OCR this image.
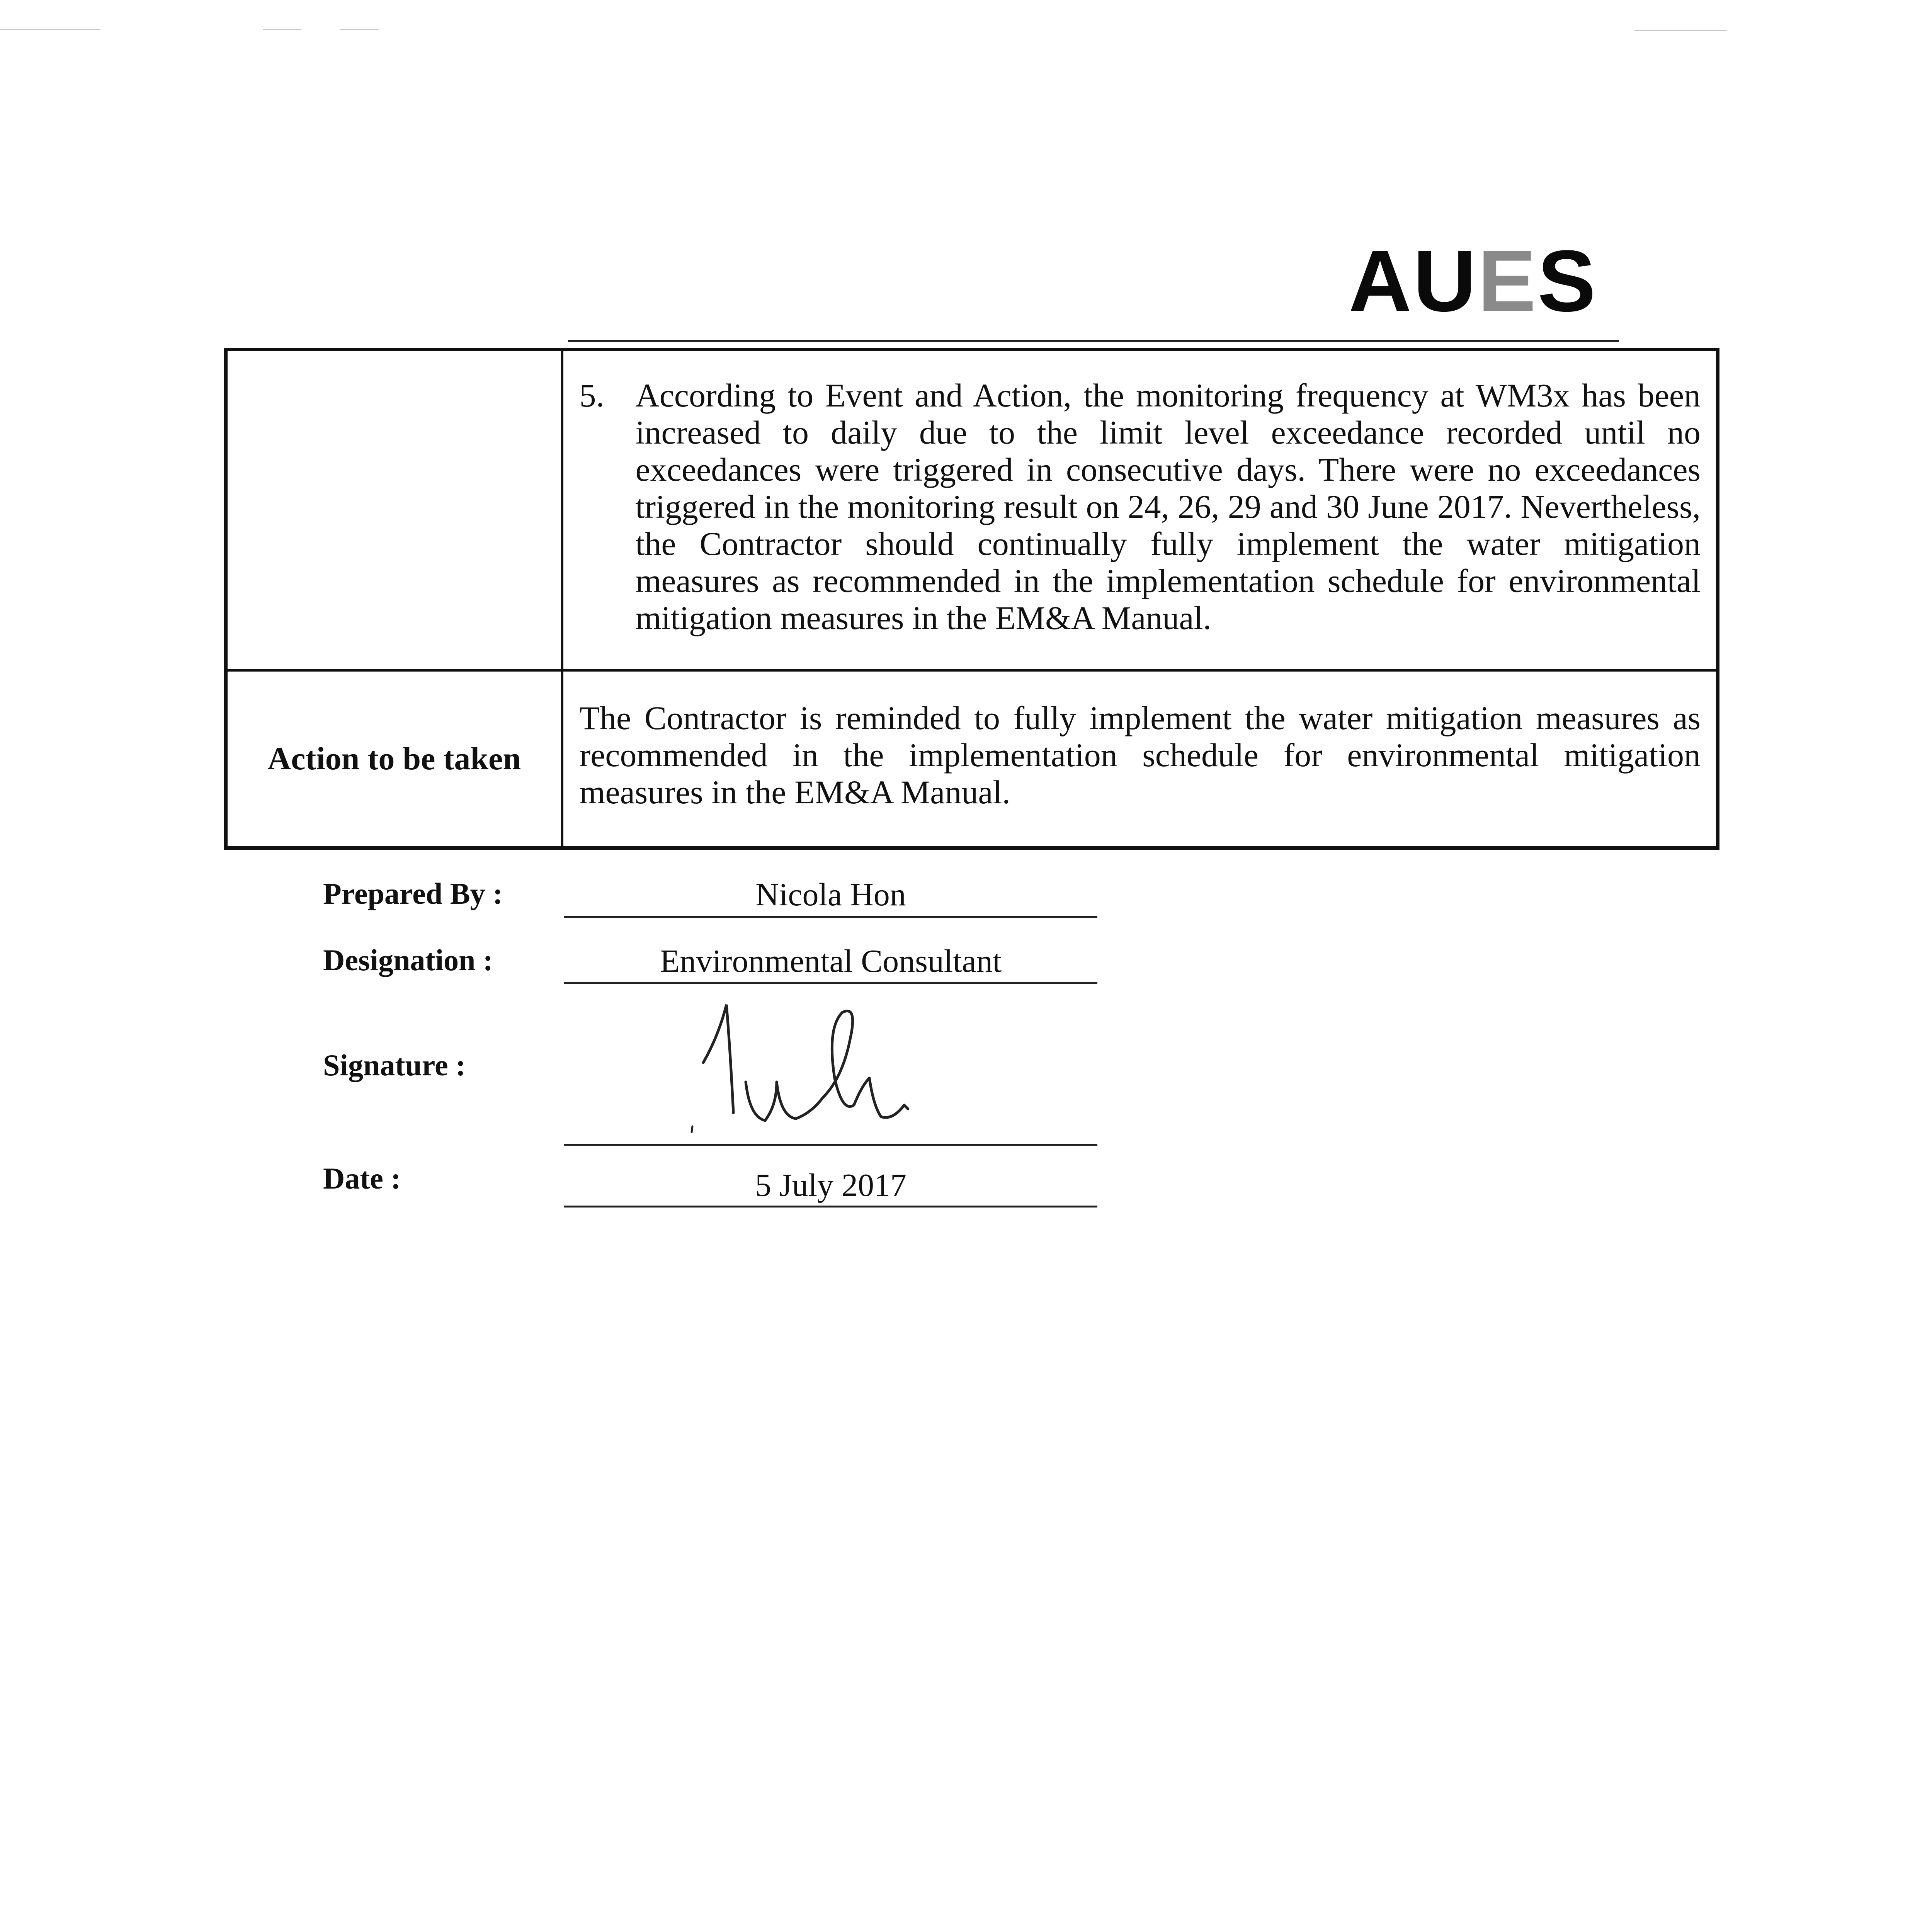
AUES

	5. According to Event and Action, the monitoring frequency at WM3x has been increased to daily due to the limit level exceedance recorded until no exceedances were triggered in consecutive days. There were no exceedances triggered in the monitoring result on 24, 26, 29 and 30 June 2017. Nevertheless, the Contractor should continually fully implement the water mitigation measures as recommended in the implementation schedule for environmental mitigation measures in the EM&A Manual.

Action to be taken	The Contractor is reminded to fully implement the water mitigation measures as recommended in the implementation schedule for environmental mitigation measures in the EM&A Manual.
Prepared By :	Nicola Hon
Designation :	Environmental Consultant
Signature :
Date :	5 July 2017
